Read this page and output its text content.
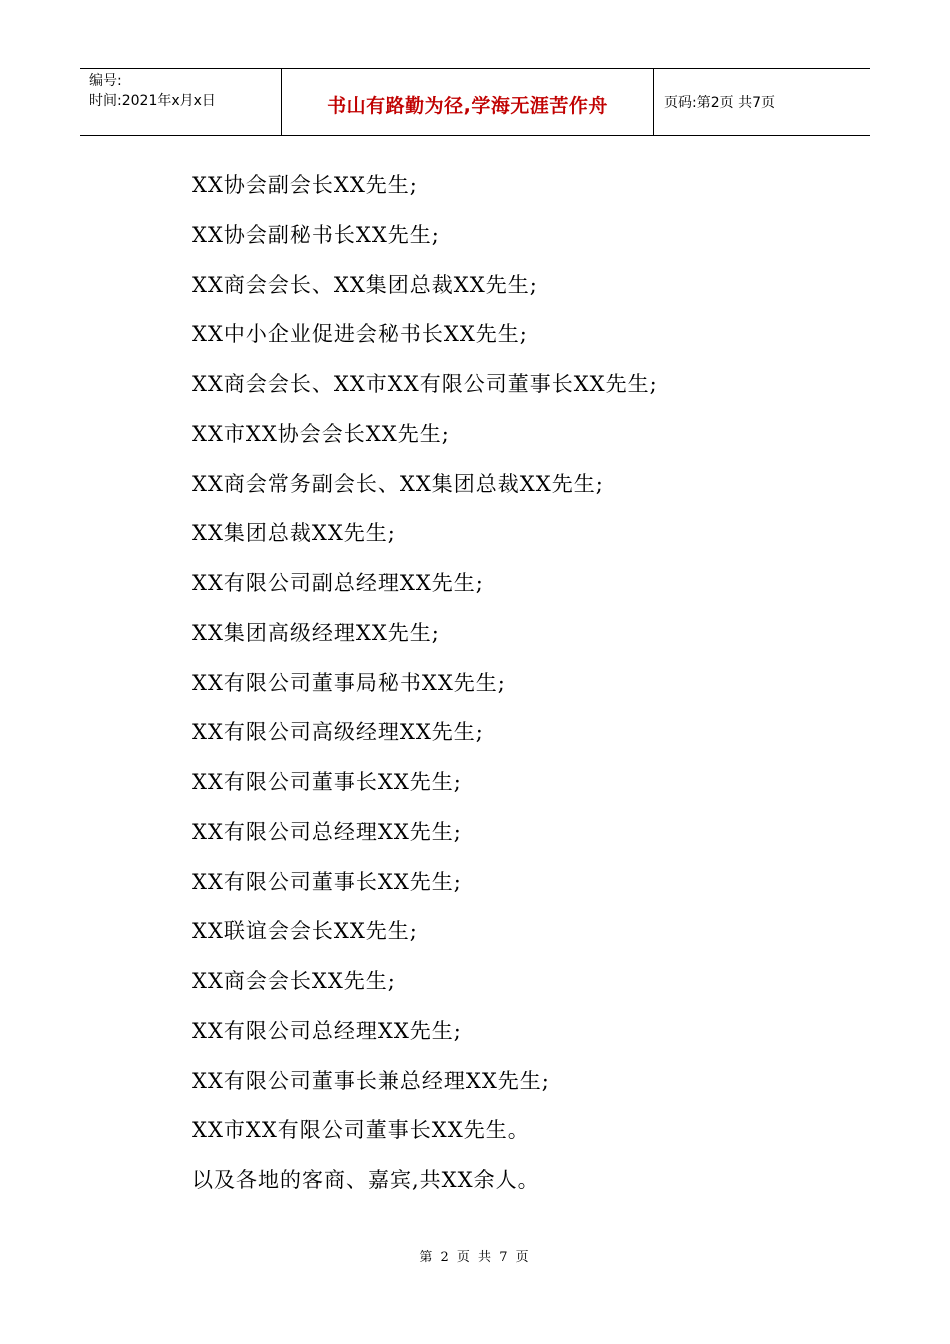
编号:
时间:2021年x月x日	书山有路勤为径,学海无涯苦作舟	页码:第2页 共7页
XX协会副会长XX先生;
XX协会副秘书长XX先生;
XX商会会长、XX集团总裁XX先生;
XX中小企业促进会秘书长XX先生;
XX商会会长、XX市XX有限公司董事长XX先生;
XX市XX协会会长XX先生;
XX商会常务副会长、XX集团总裁XX先生;
XX集团总裁XX先生;
XX有限公司副总经理XX先生;
XX集团高级经理XX先生;
XX有限公司董事局秘书XX先生;
XX有限公司高级经理XX先生;
XX有限公司董事长XX先生;
XX有限公司总经理XX先生;
XX有限公司董事长XX先生;
XX联谊会会长XX先生;
XX商会会长XX先生;
XX有限公司总经理XX先生;
XX有限公司董事长兼总经理XX先生;
XX市XX有限公司董事长XX先生。
以及各地的客商、嘉宾,共XX余人。
第 2 页 共 7 页
